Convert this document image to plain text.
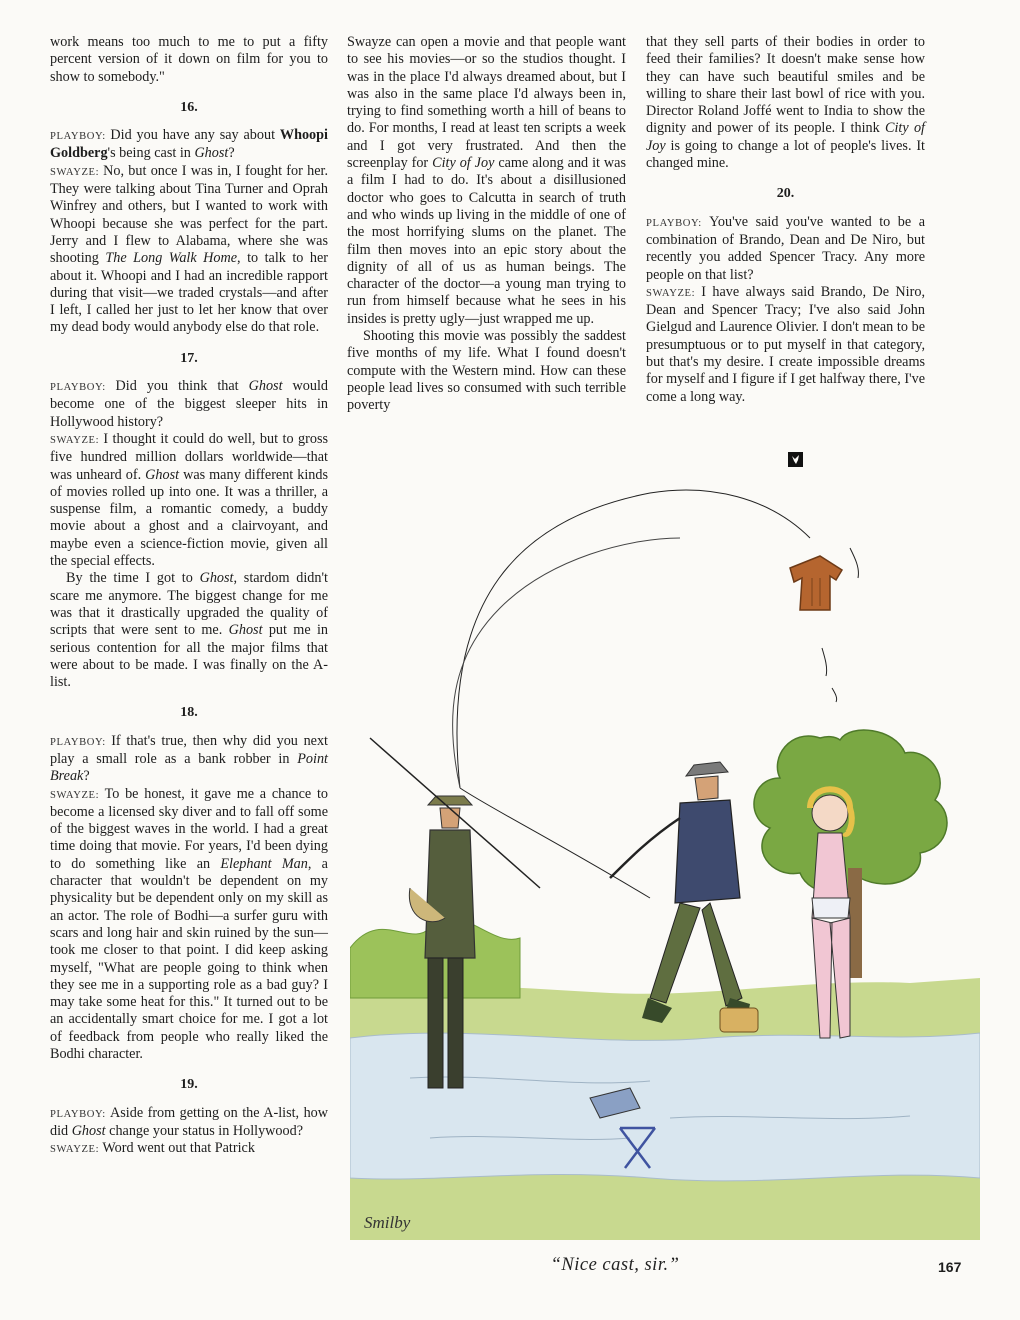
work means too much to me to put a fifty percent version of it down on film for you to show to somebody."

16.

PLAYBOY: Did you have any say about Whoopi Goldberg's being cast in Ghost?

SWAYZE: No, but once I was in, I fought for her. They were talking about Tina Turner and Oprah Winfrey and others, but I wanted to work with Whoopi because she was perfect for the part. Jerry and I flew to Alabama, where she was shooting The Long Walk Home, to talk to her about it. Whoopi and I had an incredible rapport during that visit—we traded crystals—and after I left, I called her just to let her know that over my dead body would anybody else do that role.

17.

PLAYBOY: Did you think that Ghost would become one of the biggest sleeper hits in Hollywood history?

SWAYZE: I thought it could do well, but to gross five hundred million dollars worldwide—that was unheard of. Ghost was many different kinds of movies rolled up into one. It was a thriller, a suspense film, a romantic comedy, a buddy movie about a ghost and a clairvoyant, and maybe even a science-fiction movie, given all the special effects.

By the time I got to Ghost, stardom didn't scare me anymore. The biggest change for me was that it drastically upgraded the quality of scripts that were sent to me. Ghost put me in serious contention for all the major films that were about to be made. I was finally on the A-list.

18.

PLAYBOY: If that's true, then why did you next play a small role as a bank robber in Point Break?

SWAYZE: To be honest, it gave me a chance to become a licensed sky diver and to fall off some of the biggest waves in the world. I had a great time doing that movie. For years, I'd been dying to do something like an Elephant Man, a character that wouldn't be dependent on my physicality but be dependent only on my skill as an actor. The role of Bodhi—a surfer guru with scars and long hair and skin ruined by the sun—took me closer to that point. I did keep asking myself, "What are people going to think when they see me in a supporting role as a bad guy? I may take some heat for this." It turned out to be an accidentally smart choice for me. I got a lot of feedback from people who really liked the Bodhi character.

19.

PLAYBOY: Aside from getting on the A-list, how did Ghost change your status in Hollywood?

SWAYZE: Word went out that Patrick

Swayze can open a movie and that people want to see his movies—or so the studios thought. I was in the place I'd always dreamed about, but I was also in the same place I'd always been in, trying to find something worth a hill of beans to do. For months, I read at least ten scripts a week and I got very frustrated. And then the screenplay for City of Joy came along and it was a film I had to do. It's about a disillusioned doctor who goes to Calcutta in search of truth and who winds up living in the middle of one of the most horrifying slums on the planet. The film then moves into an epic story about the dignity of all of us as human beings. The character of the doctor—a young man trying to run from himself because what he sees in his insides is pretty ugly—just wrapped me up.

Shooting this movie was possibly the saddest five months of my life. What I found doesn't compute with the Western mind. How can these people lead lives so consumed with such terrible poverty

that they sell parts of their bodies in order to feed their families? It doesn't make sense how they can have such beautiful smiles and be willing to share their last bowl of rice with you. Director Roland Joffé went to India to show the dignity and power of its people. I think City of Joy is going to change a lot of people's lives. It changed mine.

20.

PLAYBOY: You've said you've wanted to be a combination of Brando, Dean and De Niro, but recently you added Spencer Tracy. Any more people on that list?

SWAYZE: I have always said Brando, De Niro, Dean and Spencer Tracy; I've also said John Gielgud and Laurence Olivier. I don't mean to be presumptuous or to put myself in that category, but that's my desire. I create impossible dreams for myself and I figure if I get halfway there, I've come a long way.

Smilby
“Nice cast, sir.”	167
